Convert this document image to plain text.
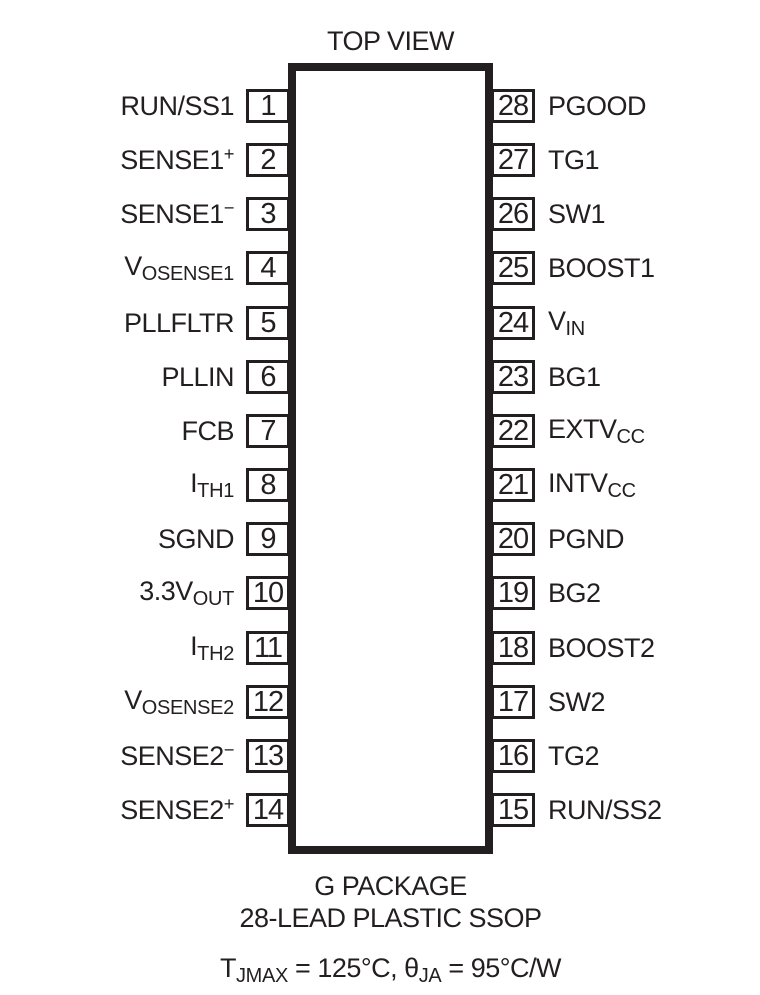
TOP VIEW
RUN/SS1 1
SENSE1+ 2
SENSE1− 3
$V_{OSENSE1}$ 4
PLLFLTR 5
PLLIN 6
FCB 7
$I_{TH1}$ 8
SGND 9
$3.3V_{OUT}$ 10
$I_{TH2}$ 11
$V_{OSENSE2}$ 12
SENSE2− 13
SENSE2+ 14
28 PGOOD
27 TG1
26 SW1
25 BOOST1
24 $V_{IN}$
23 BG1
22 $EXTV_{CC}$
21 $INTV_{CC}$
20 PGND
19 BG2
18 BOOST2
17 SW2
16 TG2
15 RUN/SS2
G PACKAGE
28-LEAD PLASTIC SSOP
$T_{JMAX} = 125^\circ C$, $\theta_{JA} = 95^\circ C/W$
